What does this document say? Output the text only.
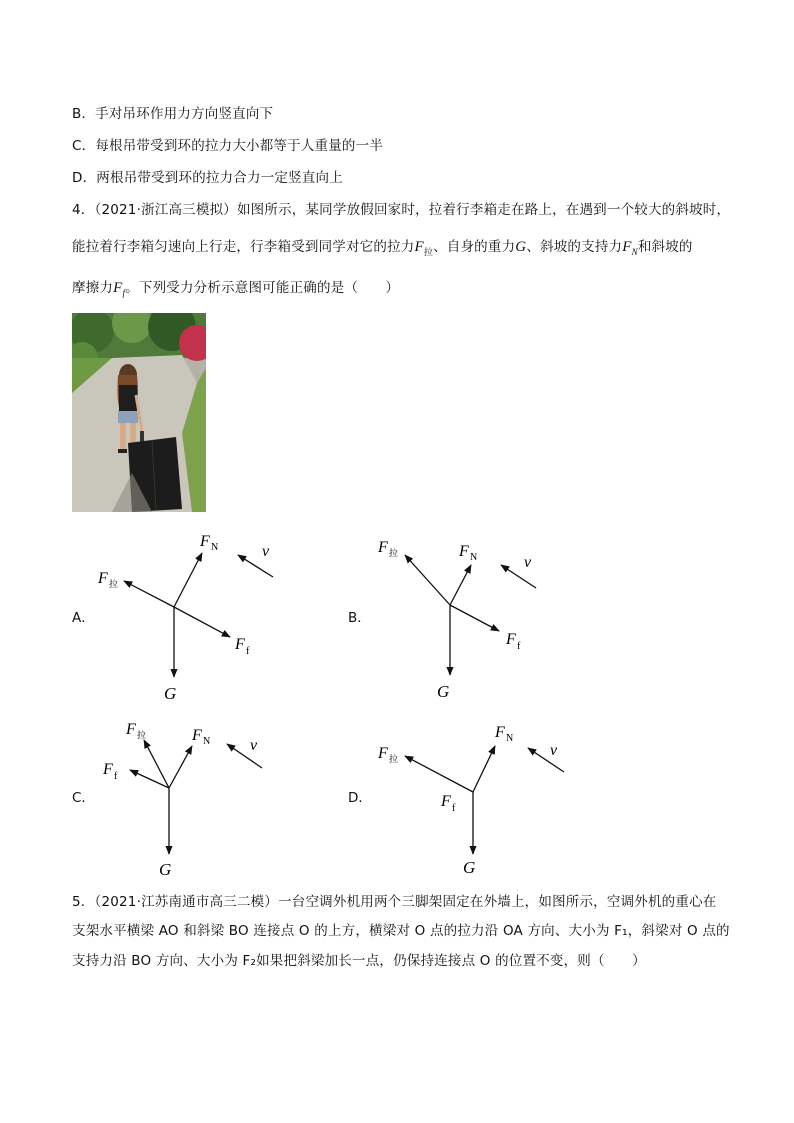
B．手对吊环作用力方向竖直向下
C．每根吊带受到环的拉力大小都等于人重量的一半
D．两根吊带受到环的拉力合力一定竖直向上
4．（2021·浙江高三模拟）如图所示，某同学放假回家时，拉着行李箱走在路上，在遇到一个较大的斜坡时，
能拉着行李箱匀速向上行走，行李箱受到同学对它的拉力$F_拉$、自身的重力G、斜坡的支持力$F_N$和斜坡的
摩擦力$F_f$。下列受力分析示意图可能正确的是（　　）
A．
F 拉
F N
F f
G
v
B．
F 拉	F N
F f
G
v
C．
F 拉	F N
F f
G
v
D．
F 拉
F N
F f
G
v
5．（2021·江苏南通市高三二模）一台空调外机用两个三脚架固定在外墙上，如图所示，空调外机的重心在
支架水平横梁 AO 和斜梁 BO 连接点 O 的上方，横梁对 O 点的拉力沿 OA 方向、大小为 F₁，斜梁对 O 点的
支持力沿 BO 方向、大小为 F₂如果把斜梁加长一点，仍保持连接点 O 的位置不变，则（　　）
